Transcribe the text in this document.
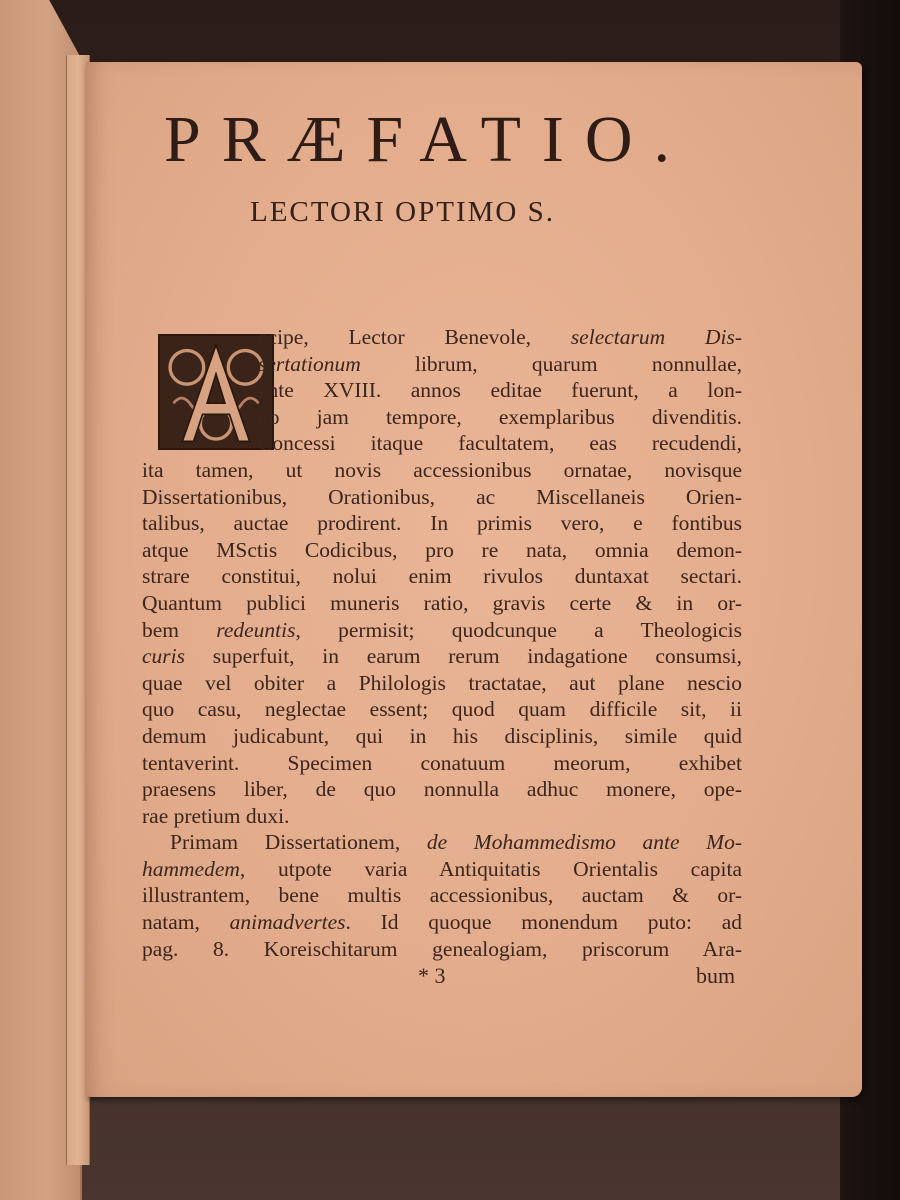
PRÆFATIO.
LECTORI OPTIMO S.
ccipe, Lector Benevole, selectarum Dis-
sertationum librum, quarum nonnullae,
ante XVIII. annos editae fuerunt, a lon-
go jam tempore, exemplaribus divenditis.
Concessi itaque facultatem, eas recudendi,
ita tamen, ut novis accessionibus ornatae, novisque
Dissertationibus, Orationibus, ac Miscellaneis Orien-
talibus, auctae prodirent. In primis vero, e fontibus
atque MSctis Codicibus, pro re nata, omnia demon-
strare constitui, nolui enim rivulos duntaxat sectari.
Quantum publici muneris ratio, gravis certe & in or-
bem redeuntis, permisit; quodcunque a Theologicis
curis superfuit, in earum rerum indagatione consumsi,
quae vel obiter a Philologis tractatae, aut plane nescio
quo casu, neglectae essent; quod quam difficile sit, ii
demum judicabunt, qui in his disciplinis, simile quid
tentaverint. Specimen conatuum meorum, exhibet
praesens liber, de quo nonnulla adhuc monere, ope-
rae pretium duxi.
Primam Dissertationem, de Mohammedismo ante Mo-
hammedem, utpote varia Antiquitatis Orientalis capita
illustrantem, bene multis accessionibus, auctam & or-
natam, animadvertes. Id quoque monendum puto: ad
pag. 8. Koreischitarum genealogiam, priscorum Ara-
* 3	bum
